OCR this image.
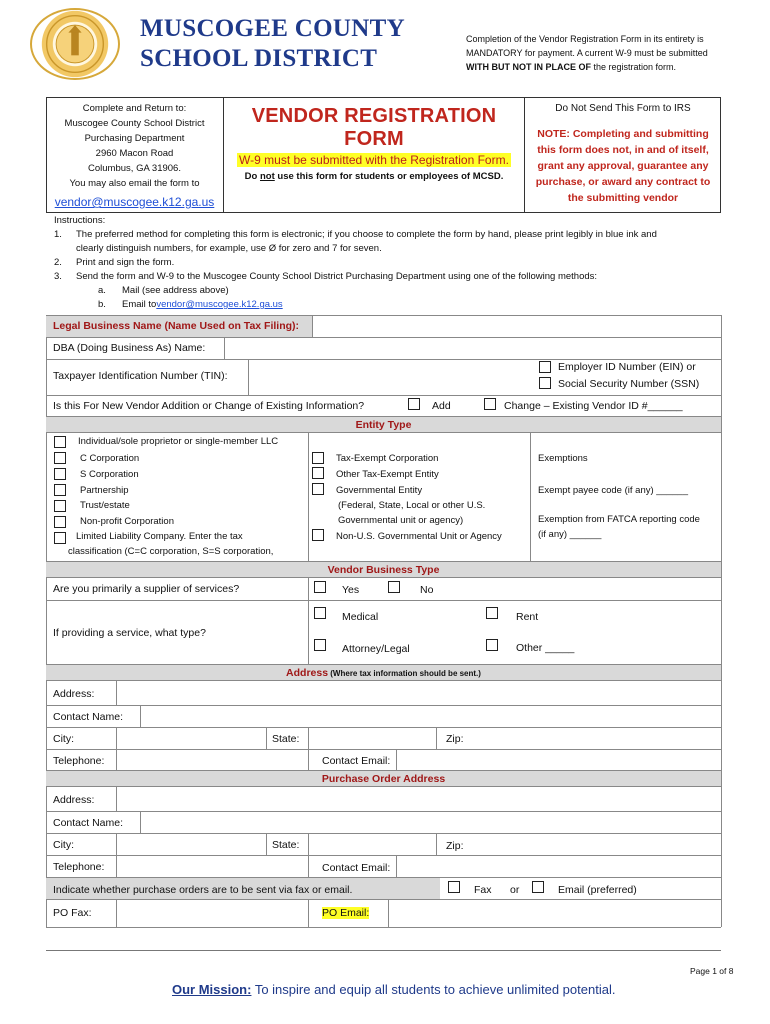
MUSCOGEE COUNTY
SCHOOL DISTRICT
Completion of the Vendor Registration Form in its entirety is
MANDATORY for payment. A current W-9 must be submitted
WITH BUT NOT IN PLACE OF the registration form.
Complete and Return to:
Muscogee County School District
Purchasing Department
2960 Macon Road
Columbus, GA 31906.
You may also email the form to
vendor@muscogee.k12.ga.us
VENDOR REGISTRATION FORM
W-9 must be submitted with the Registration Form.
Do not use this form for students or employees of MCSD.
Do Not Send This Form to IRS
NOTE: Completing and submitting
this form does not, in and of itself,
grant any approval, guarantee any
purchase, or award any contract to
the submitting vendor
Instructions:
1.	The preferred method for completing this form is electronic; if you choose to complete the form by hand, please print legibly in blue ink and
clearly distinguish numbers, for example, use Ø for zero and 7 for seven.
2.	Print and sign the form.
3.	Send the form and W-9 to the Muscogee County School District Purchasing Department using one of the following methods:
a.	Mail (see address above)
b.	Email to vendor@muscogee.k12.ga.us
Legal Business Name (Name Used on Tax Filing):
DBA (Doing Business As) Name:
Taxpayer Identification Number (TIN):
Employer ID Number (EIN) or
Social Security Number (SSN)
Is this For New Vendor Addition or Change of Existing Information?	Add	Change – Existing Vendor ID #______
Entity Type
Individual/sole proprietor or single-member LLC
C Corporation
S Corporation
Partnership
Trust/estate
Non-profit Corporation
Limited Liability Company. Enter the tax
classification (C=C corporation, S=S corporation,
Tax-Exempt Corporation
Other Tax-Exempt Entity
Governmental Entity
(Federal, State, Local or other U.S.
Governmental unit or agency)
Non-U.S. Governmental Unit or Agency
Exemptions
Exempt payee code (if any) ______
Exemption from FATCA reporting code
(if any) ______
Vendor Business Type
Are you primarily a supplier of services?	Yes	No
If providing a service, what type?
Medical	Rent
Attorney/Legal	Other _____
Address (Where tax information should be sent.)
Address:
Contact Name:
City:	State:	Zip:
Telephone:	Contact Email:
Purchase Order Address
Address:
Contact Name:
City:	State:	Zip:
Telephone:	Contact Email:
Indicate whether purchase orders are to be sent via fax or email.	Fax or	Email (preferred)
PO Fax:	PO Email:
Page 1 of 8
Our Mission: To inspire and equip all students to achieve unlimited potential.
